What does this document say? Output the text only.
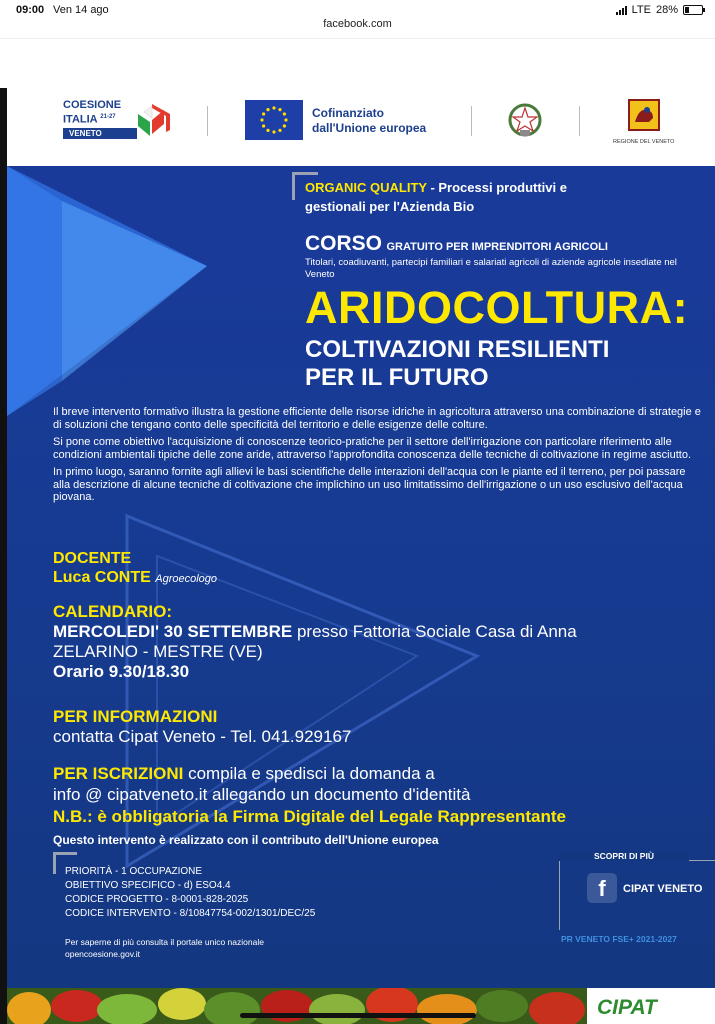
09:00 Ven 14 ago	LTE 28%
facebook.com
COESIONE
ITALIA $^{21-27}$
VENETO
Cofinanziato
dall'Unione europea
REGIONE DEL VENETO
ORGANIC QUALITY - Processi produttivi e
gestionali per l'Azienda Bio
CORSO GRATUITO PER IMPRENDITORI AGRICOLI
Titolari, coadiuvanti, partecipi familiari e salariati agricoli di aziende agricole insediate nel Veneto
ARIDOCOLTURA:
COLTIVAZIONI RESILIENTI
PER IL FUTURO

Il breve intervento formativo illustra la gestione efficiente delle risorse idriche in agricoltura attraverso una combinazione di strategie e di soluzioni che tengano conto delle specificità del territorio e delle esigenze delle colture.

Si pone come obiettivo l'acquisizione di conoscenze teorico-pratiche per il settore dell'irrigazione con particolare riferimento alle condizioni ambientali tipiche delle zone aride, attraverso l'approfondita conoscenza delle tecniche di coltivazione in regime asciutto.

In primo luogo, saranno fornite agli allievi le basi scientifiche delle interazioni dell'acqua con le piante ed il terreno, per poi passare alla descrizione di alcune tecniche di coltivazione che implichino un uso limitatissimo dell'irrigazione o un uso esclusivo dell'acqua piovana.

DOCENTE
Luca CONTE Agroecologo
CALENDARIO:
MERCOLEDI' 30 SETTEMBRE presso Fattoria Sociale Casa di Anna
ZELARINO - MESTRE (VE)
Orario 9.30/18.30
PER INFORMAZIONI
contatta Cipat Veneto - Tel. 041.929167
PER ISCRIZIONI compila e spedisci la domanda a
info @ cipatveneto.it allegando un documento d'identità
N.B.: è obbligatoria la Firma Digitale del Legale Rappresentante
Questo intervento è realizzato con il contributo dell'Unione europea
PRIORITÀ - 1 OCCUPAZIONE
OBIETTIVO SPECIFICO - d) ESO4.4
CODICE PROGETTO - 8-0001-828-2025
CODICE INTERVENTO - 8/10847754-002/1301/DEC/25
Per saperne di più consulta il portale unico nazionale
opencoesione.gov.it
SCOPRI DI PIÙ
f	CIPAT VENETO
PR VENETO FSE+ 2021-2027
CIPAT
